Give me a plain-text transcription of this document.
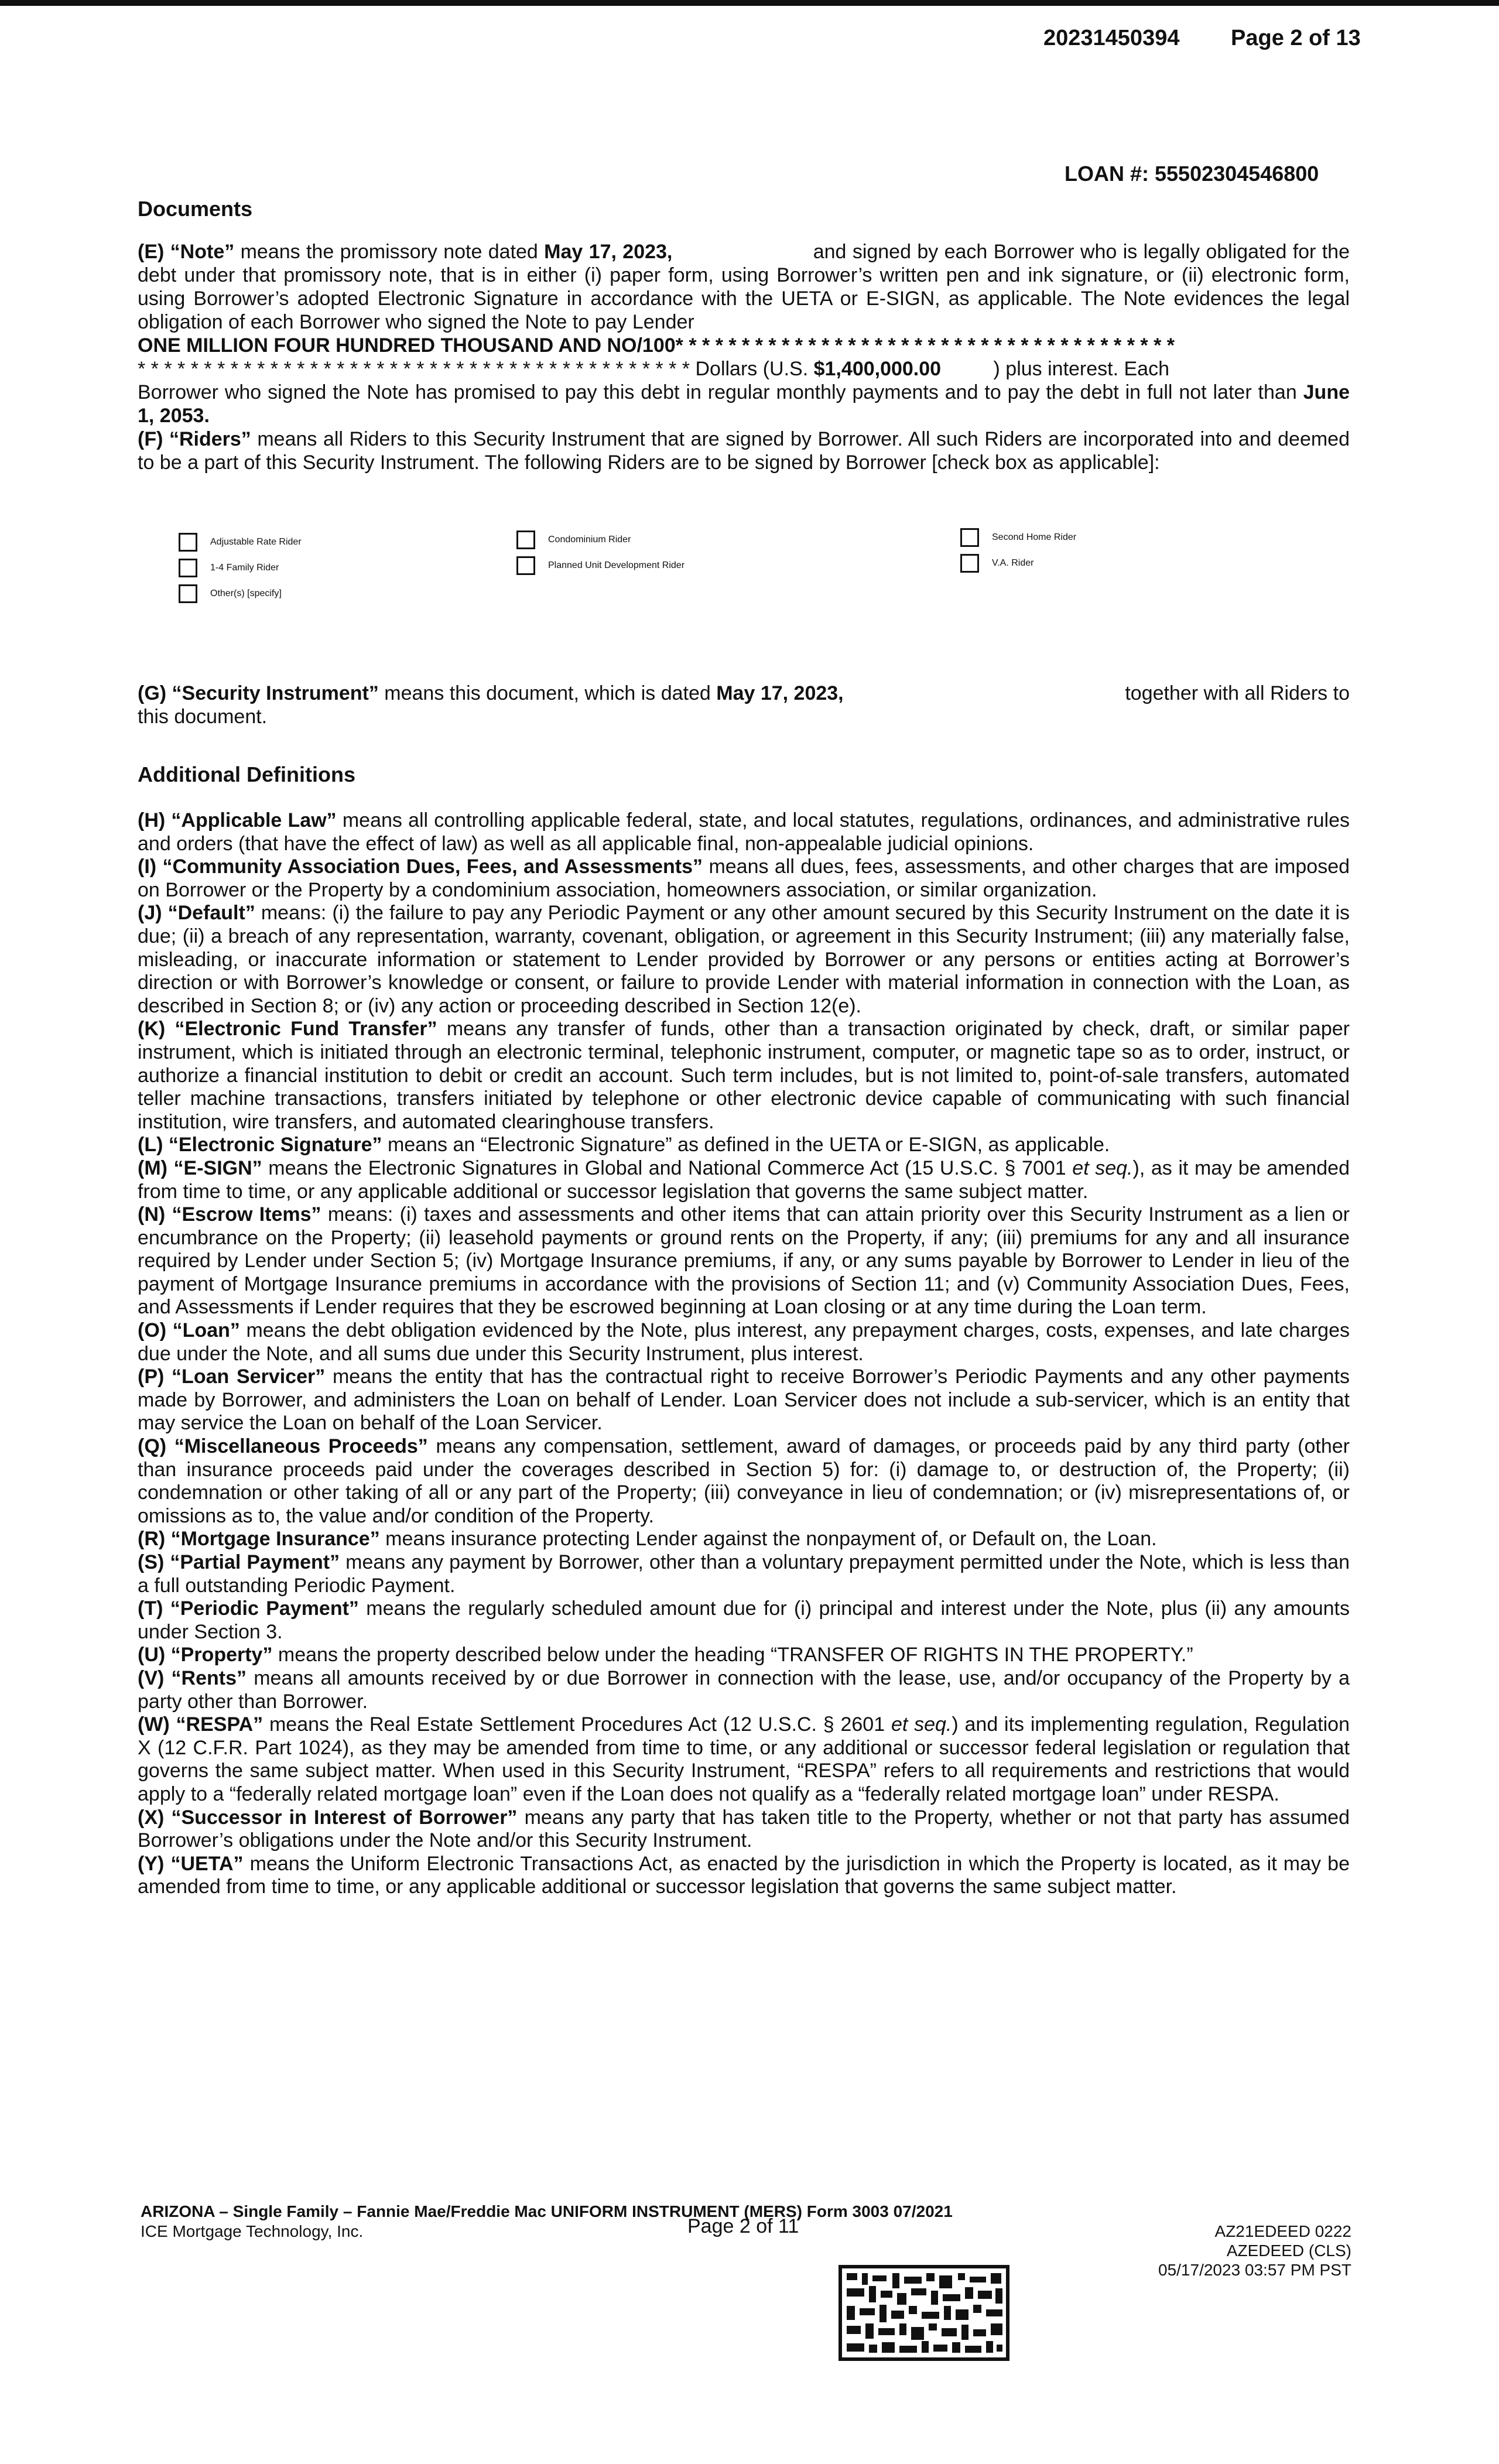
20231450394 Page 2 of 13
LOAN #: 55502304546800
Documents

(E) “Note” means the promissory note dated May 17, 2023,	and signed by each Borrower who is legally obligated for the debt under that promissory note, that is in either (i) paper form, using Borrower’s written pen and ink signature, or (ii) electronic form, using Borrower’s adopted Electronic Signature in accordance with the UETA or E-SIGN, as applicable. The Note evidences the legal obligation of each Borrower who signed the Note to pay Lender

ONE MILLION FOUR HUNDRED THOUSAND AND NO/100* * * * * * * * * * * * * * * * * * * * * * * * * * * * * * * * * * * * * *

* * * * * * * * * * * * * * * * * * * * * * * * * * * * * * * * * * * * * * * * * * Dollars (U.S. $1,400,000.00	) plus interest. Each

Borrower who signed the Note has promised to pay this debt in regular monthly payments and to pay the debt in full not later than June 1, 2053.

(F) “Riders” means all Riders to this Security Instrument that are signed by Borrower. All such Riders are incorporated into and deemed to be a part of this Security Instrument. The following Riders are to be signed by Borrower [check box as applicable]:

Adjustable Rate Rider
1-4 Family Rider
Other(s) [specify]
Condominium Rider
Planned Unit Development Rider
Second Home Rider
V.A. Rider

(G) “Security Instrument” means this document, which is dated May 17, 2023,	together with all Riders to

this document.

Additional Definitions

(H) “Applicable Law” means all controlling applicable federal, state, and local statutes, regulations, ordinances, and administrative rules and orders (that have the effect of law) as well as all applicable final, non-appealable judicial opinions.

(I) “Community Association Dues, Fees, and Assessments” means all dues, fees, assessments, and other charges that are imposed on Borrower or the Property by a condominium association, homeowners association, or similar organization.

(J) “Default” means: (i) the failure to pay any Periodic Payment or any other amount secured by this Security Instrument on the date it is due; (ii) a breach of any representation, warranty, covenant, obligation, or agreement in this Security Instrument; (iii) any materially false, misleading, or inaccurate information or statement to Lender provided by Borrower or any persons or entities acting at Borrower’s direction or with Borrower’s knowledge or consent, or failure to provide Lender with material information in connection with the Loan, as described in Section 8; or (iv) any action or proceeding described in Section 12(e).

(K) “Electronic Fund Transfer” means any transfer of funds, other than a transaction originated by check, draft, or similar paper instrument, which is initiated through an electronic terminal, telephonic instrument, computer, or magnetic tape so as to order, instruct, or authorize a financial institution to debit or credit an account. Such term includes, but is not limited to, point-of-sale transfers, automated teller machine transactions, transfers initiated by telephone or other electronic device capable of communicating with such financial institution, wire transfers, and automated clearinghouse transfers.

(L) “Electronic Signature” means an “Electronic Signature” as defined in the UETA or E-SIGN, as applicable.

(M) “E-SIGN” means the Electronic Signatures in Global and National Commerce Act (15 U.S.C. § 7001 et seq.), as it may be amended from time to time, or any applicable additional or successor legislation that governs the same subject matter.

(N) “Escrow Items” means: (i) taxes and assessments and other items that can attain priority over this Security Instrument as a lien or encumbrance on the Property; (ii) leasehold payments or ground rents on the Property, if any; (iii) premiums for any and all insurance required by Lender under Section 5; (iv) Mortgage Insurance premiums, if any, or any sums payable by Borrower to Lender in lieu of the payment of Mortgage Insurance premiums in accordance with the provisions of Section 11; and (v) Community Association Dues, Fees, and Assessments if Lender requires that they be escrowed beginning at Loan closing or at any time during the Loan term.

(O) “Loan” means the debt obligation evidenced by the Note, plus interest, any prepayment charges, costs, expenses, and late charges due under the Note, and all sums due under this Security Instrument, plus interest.

(P) “Loan Servicer” means the entity that has the contractual right to receive Borrower’s Periodic Payments and any other payments made by Borrower, and administers the Loan on behalf of Lender. Loan Servicer does not include a sub-servicer, which is an entity that may service the Loan on behalf of the Loan Servicer.

(Q) “Miscellaneous Proceeds” means any compensation, settlement, award of damages, or proceeds paid by any third party (other than insurance proceeds paid under the coverages described in Section 5) for: (i) damage to, or destruction of, the Property; (ii) condemnation or other taking of all or any part of the Property; (iii) conveyance in lieu of condemnation; or (iv) misrepresentations of, or omissions as to, the value and/or condition of the Property.

(R) “Mortgage Insurance” means insurance protecting Lender against the nonpayment of, or Default on, the Loan.

(S) “Partial Payment” means any payment by Borrower, other than a voluntary prepayment permitted under the Note, which is less than a full outstanding Periodic Payment.

(T) “Periodic Payment” means the regularly scheduled amount due for (i) principal and interest under the Note, plus (ii) any amounts under Section 3.

(U) “Property” means the property described below under the heading “TRANSFER OF RIGHTS IN THE PROPERTY.”

(V) “Rents” means all amounts received by or due Borrower in connection with the lease, use, and/or occupancy of the Property by a party other than Borrower.

(W) “RESPA” means the Real Estate Settlement Procedures Act (12 U.S.C. § 2601 et seq.) and its implementing regulation, Regulation X (12 C.F.R. Part 1024), as they may be amended from time to time, or any additional or successor federal legislation or regulation that governs the same subject matter. When used in this Security Instrument, “RESPA” refers to all requirements and restrictions that would apply to a “federally related mortgage loan” even if the Loan does not qualify as a “federally related mortgage loan” under RESPA.

(X) “Successor in Interest of Borrower” means any party that has taken title to the Property, whether or not that party has assumed Borrower’s obligations under the Note and/or this Security Instrument.

(Y) “UETA” means the Uniform Electronic Transactions Act, as enacted by the jurisdiction in which the Property is located, as it may be amended from time to time, or any applicable additional or successor legislation that governs the same subject matter.

ARIZONA – Single Family – Fannie Mae/Freddie Mac UNIFORM INSTRUMENT (MERS) Form 3003 07/2021
ICE Mortgage Technology, Inc.	Page 2 of 11	AZ21EDEED 0222
AZEDEED (CLS)
05/17/2023 03:57 PM PST
